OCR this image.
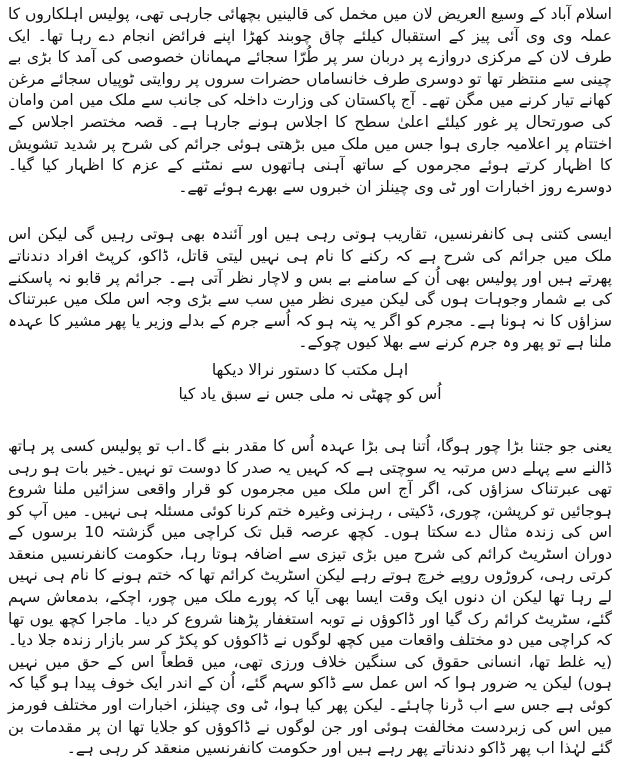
اسلام آباد کے وسیع العریض لان میں مخمل کی قالینیں بچھائی جارہی تھی، پولیس اہلکاروں کا عملہ وی وی آئی پیز کے استقبال کیلئے چاق چوبند کھڑا اپنے فرائض انجام دے رہا تھا۔ ایک طرف لان کے مرکزی دروازے پر دربان سر پر طُرّا سجائے مہمانان خصوصی کی آمد کا بڑی بے چینی سے منتظر تھا تو دوسری طرف خانساماں حضرات سروں پر روایتی ٹوپیاں سجائے مرغن کھانے تیار کرنے میں مگن تھے۔ آج پاکستان کی وزارت داخلہ کی جانب سے ملک میں امن وامان کی صورتحال پر غور کیلئے اعلیٰ سطح کا اجلاس ہونے جارہا ہے۔ قصہ مختصر اجلاس کے اختتام پر اعلامیہ جاری ہوا جس میں ملک میں بڑھتی ہوئی جرائم کی شرح پر شدید تشویش کا اظہار کرتے ہوئے مجرموں کے ساتھ آہنی ہاتھوں سے نمٹنے کے عزم کا اظہار کیا گیا۔ دوسرے روز اخبارات اور ٹی وی چینلز ان خبروں سے بھرے ہوئے تھے۔

ایسی کتنی ہی کانفرنسیں، تقاریب ہوتی رہی ہیں اور آئندہ بھی ہوتی رہیں گی لیکن اس ملک میں جرائم کی شرح ہے کہ رکنے کا نام ہی نہیں لیتی قاتل، ڈاکو، کرپٹ افراد دندناتے پھرتے ہیں اور پولیس بھی اُن کے سامنے بے بس و لاچار نظر آتی ہے۔ جرائم پر قابو نہ پاسکنے کی بے شمار وجوہات ہوں گی لیکن میری نظر میں سب سے بڑی وجہ اس ملک میں عبرتناک سزاؤں کا نہ ہونا ہے۔ مجرم کو اگر یہ پتہ ہو کہ اُسے جرم کے بدلے وزیر یا پھر مشیر کا عہدہ ملنا ہے تو پھر وہ جرم کرنے سے بھلا کیوں چوکے۔

اہل مکتب کا دستور نرالا دیکھا
اُس کو چھٹی نہ ملی جس نے سبق یاد کیا

یعنی جو جتنا بڑا چور ہوگا، اُتنا ہی بڑا عہدہ اُس کا مقدر بنے گا۔اب تو پولیس کسی پر ہاتھ ڈالنے سے پہلے دس مرتبہ یہ سوچتی ہے کہ کہیں یہ صدر کا دوست تو نہیں۔خیر بات ہو رہی تھی عبرتناک سزاؤں کی، اگر آج اس ملک میں مجرموں کو قرار واقعی سزائیں ملنا شروع ہوجائیں تو کرپشن، چوری، ڈکیتی ، رہزنی وغیرہ ختم کرنا کوئی مسئلہ ہی نہیں۔ میں آپ کو اس کی زندہ مثال دے سکتا ہوں۔ کچھ عرصہ قبل تک کراچی میں گزشتہ 10 برسوں کے دوران اسٹریٹ کرائم کی شرح میں بڑی تیزی سے اضافہ ہوتا رہا، حکومت کانفرنسیں منعقد کرتی رہی، کروڑوں روپے خرچ ہوتے رہے لیکن اسٹریٹ کرائم تھا کہ ختم ہونے کا نام ہی نہیں لے رہا تھا لیکن ان دنوں ایک وقت ایسا بھی آیا کہ پورے ملک میں چور، اچکے، بدمعاش سہم گئے، سٹریٹ کرائم رک گیا اور ڈاکوؤں نے توبہ استغفار پڑھنا شروع کر دیا۔ ماجرا کچھ یوں تھا کہ کراچی میں دو مختلف واقعات میں کچھ لوگوں نے ڈاکوؤں کو پکڑ کر سر بازار زندہ جلا دیا۔(یہ غلط تھا، انسانی حقوق کی سنگین خلاف ورزی تھی، میں قطعاً اس کے حق میں نہیں ہوں) لیکن یہ ضرور ہوا کہ اس عمل سے ڈاکو سہم گئے، اُن کے اندر ایک خوف پیدا ہو گیا کہ کوئی ہے جس سے اب ڈرنا چاہئے۔ لیکن پھر کیا ہوا، ٹی وی چینلز، اخبارات اور مختلف فورمز میں اس کی زبردست مخالفت ہوئی اور جن لوگوں نے ڈاکوؤں کو جلایا تھا ان پر مقدمات بن گئے لہٰذا اب پھر ڈاکو دندناتے پھر رہے ہیں اور حکومت کانفرنسیں منعقد کر رہی ہے۔
